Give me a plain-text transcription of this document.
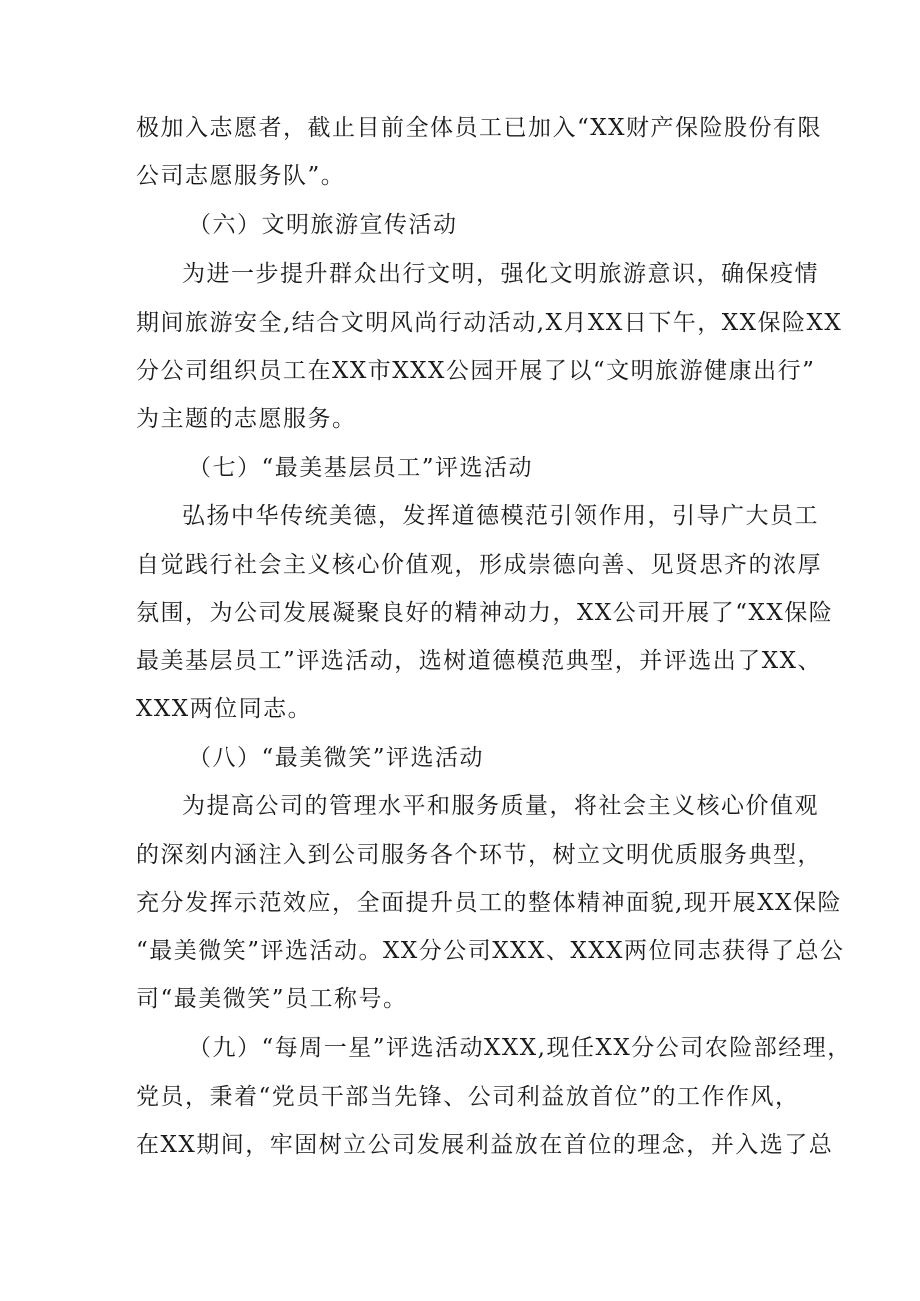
极加入志愿者，截止目前全体员工已加入“XX财产保险股份有限
公司志愿服务队”。
（六）文明旅游宣传活动
为进一步提升群众出行文明，强化文明旅游意识，确保疫情
期间旅游安全,结合文明风尚行动活动,X月XX日下午，XX保险XX
分公司组织员工在XX市XXX公园开展了以“文明旅游健康出行”
为主题的志愿服务。
（七）“最美基层员工”评选活动
弘扬中华传统美德，发挥道德模范引领作用，引导广大员工
自觉践行社会主义核心价值观，形成崇德向善、见贤思齐的浓厚
氛围，为公司发展凝聚良好的精神动力，XX公司开展了“XX保险
最美基层员工”评选活动，选树道德模范典型，并评选出了XX、
XXX两位同志。
（八）“最美微笑”评选活动
为提高公司的管理水平和服务质量，将社会主义核心价值观
的深刻内涵注入到公司服务各个环节，树立文明优质服务典型，
充分发挥示范效应，全面提升员工的整体精神面貌,现开展XX保险
“最美微笑”评选活动。XX分公司XXX、XXX两位同志获得了总公
司“最美微笑”员工称号。
（九）“每周一星”评选活动XXX,现任XX分公司农险部经理，
党员，秉着“党员干部当先锋、公司利益放首位”的工作作风，
在XX期间，牢固树立公司发展利益放在首位的理念，并入选了总
